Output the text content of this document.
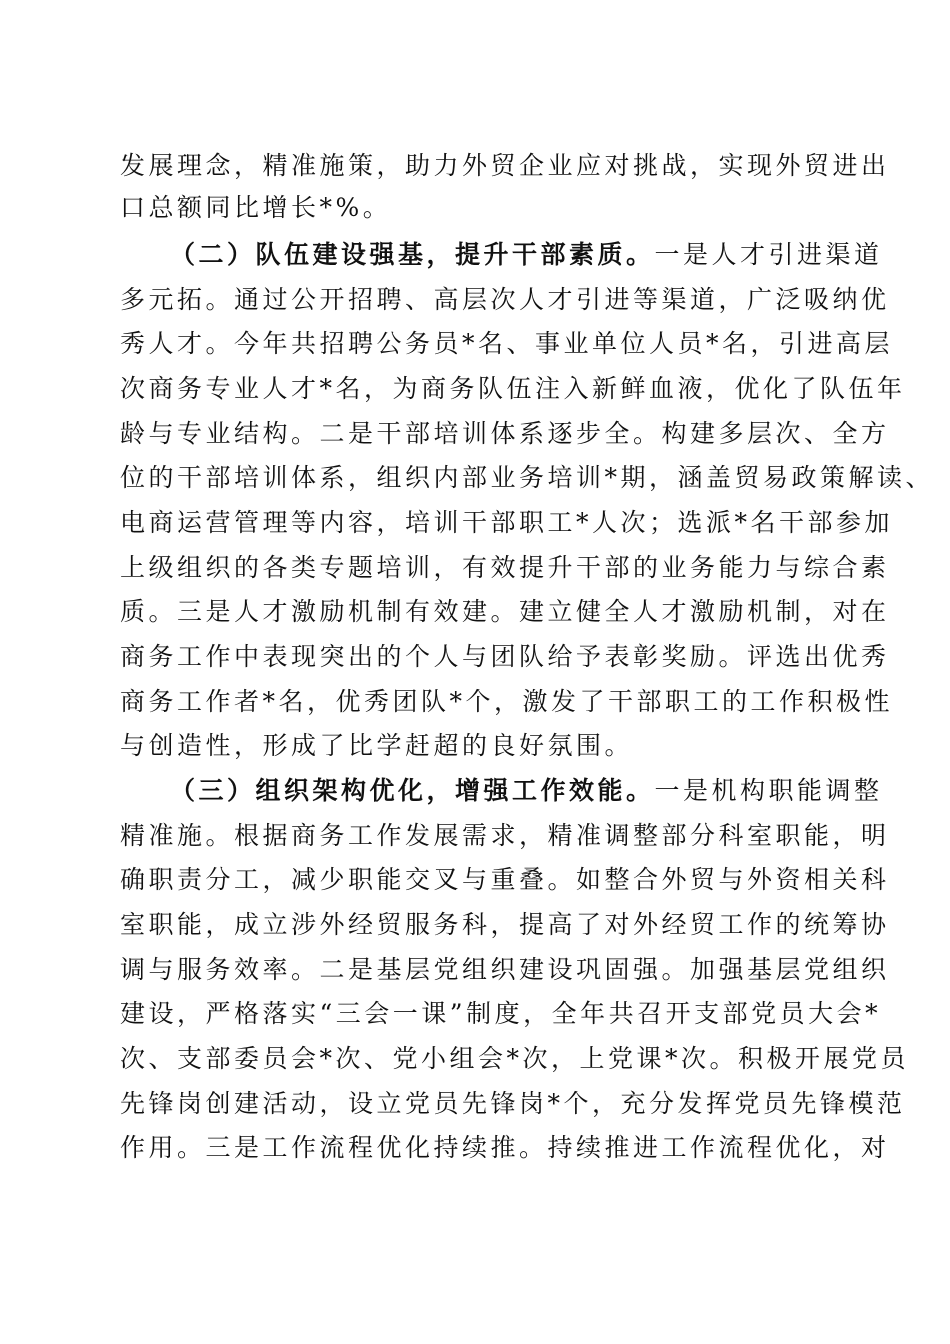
发展理念，精准施策，助力外贸企业应对挑战，实现外贸进出
口总额同比增长*%。
（二）队伍建设强基，提升干部素质。一是人才引进渠道
多元拓。通过公开招聘、高层次人才引进等渠道，广泛吸纳优
秀人才。今年共招聘公务员*名、事业单位人员*名，引进高层
次商务专业人才*名，为商务队伍注入新鲜血液，优化了队伍年
龄与专业结构。二是干部培训体系逐步全。构建多层次、全方
位的干部培训体系，组织内部业务培训*期，涵盖贸易政策解读、
电商运营管理等内容，培训干部职工*人次；选派*名干部参加
上级组织的各类专题培训，有效提升干部的业务能力与综合素
质。三是人才激励机制有效建。建立健全人才激励机制，对在
商务工作中表现突出的个人与团队给予表彰奖励。评选出优秀
商务工作者*名，优秀团队*个，激发了干部职工的工作积极性
与创造性，形成了比学赶超的良好氛围。
（三）组织架构优化，增强工作效能。一是机构职能调整
精准施。根据商务工作发展需求，精准调整部分科室职能，明
确职责分工，减少职能交叉与重叠。如整合外贸与外资相关科
室职能，成立涉外经贸服务科，提高了对外经贸工作的统筹协
调与服务效率。二是基层党组织建设巩固强。加强基层党组织
建设，严格落实“三会一课”制度，全年共召开支部党员大会*
次、支部委员会*次、党小组会*次，上党课*次。积极开展党员
先锋岗创建活动，设立党员先锋岗*个，充分发挥党员先锋模范
作用。三是工作流程优化持续推。持续推进工作流程优化，对
